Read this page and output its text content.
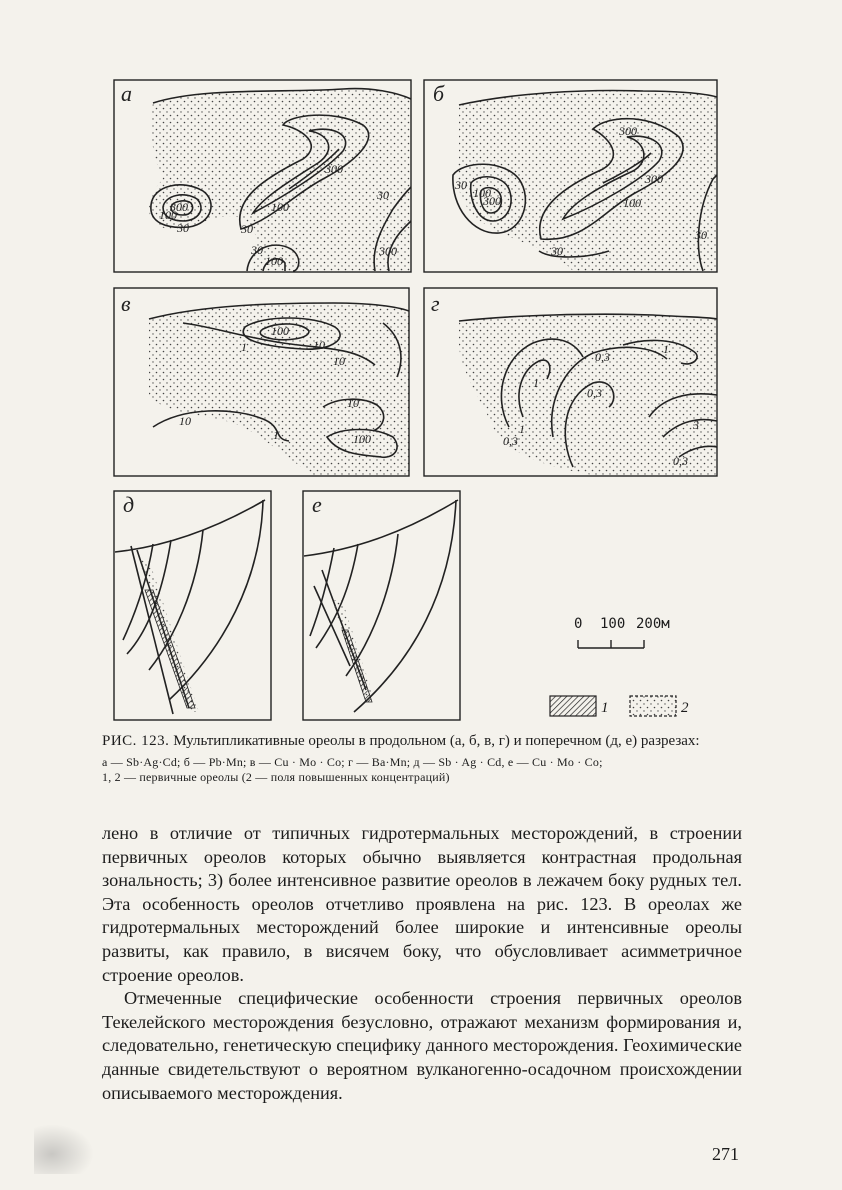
300
100
30
300
100
30
30
100
300
30
а
300
100
30
300
100
300
30
30
б
100
10
1
10
10
100
10
1
в
0,3
1
0,3
1
0,3
3
1
0,3
г
д	е
0 100 200м
1	2
РИС. 123. Мультипликативные ореолы в продольном (а, б, в, г) и поперечном (д, е) разрезах:
а — Sb·Ag·Cd; б — Pb·Mn; в — Cu · Mo · Co; г — Ba·Mn; д — Sb · Ag · Cd, е — Cu · Mo · Co;
1, 2 — первичные ореолы (2 — поля повышенных концентраций)

лено в отличие от типичных гидротермальных месторождений, в строении первичных ореолов которых обычно выявляется контрастная продольная зональность; 3) более интенсивное развитие ореолов в лежачем боку рудных тел. Эта особенность ореолов отчетливо проявлена на рис. 123. В ореолах же гидротермальных месторождений более широкие и интенсивные ореолы развиты, как правило, в висячем боку, что обусловливает асимметричное строение ореолов.

Отмеченные специфические особенности строения первичных ореолов Текелейского месторождения безусловно, отражают механизм формирования и, следовательно, генетическую специфику данного месторождения. Геохимические данные свидетельствуют о вероятном вулканогенно-осадочном происхождении описываемого месторождения.

271
